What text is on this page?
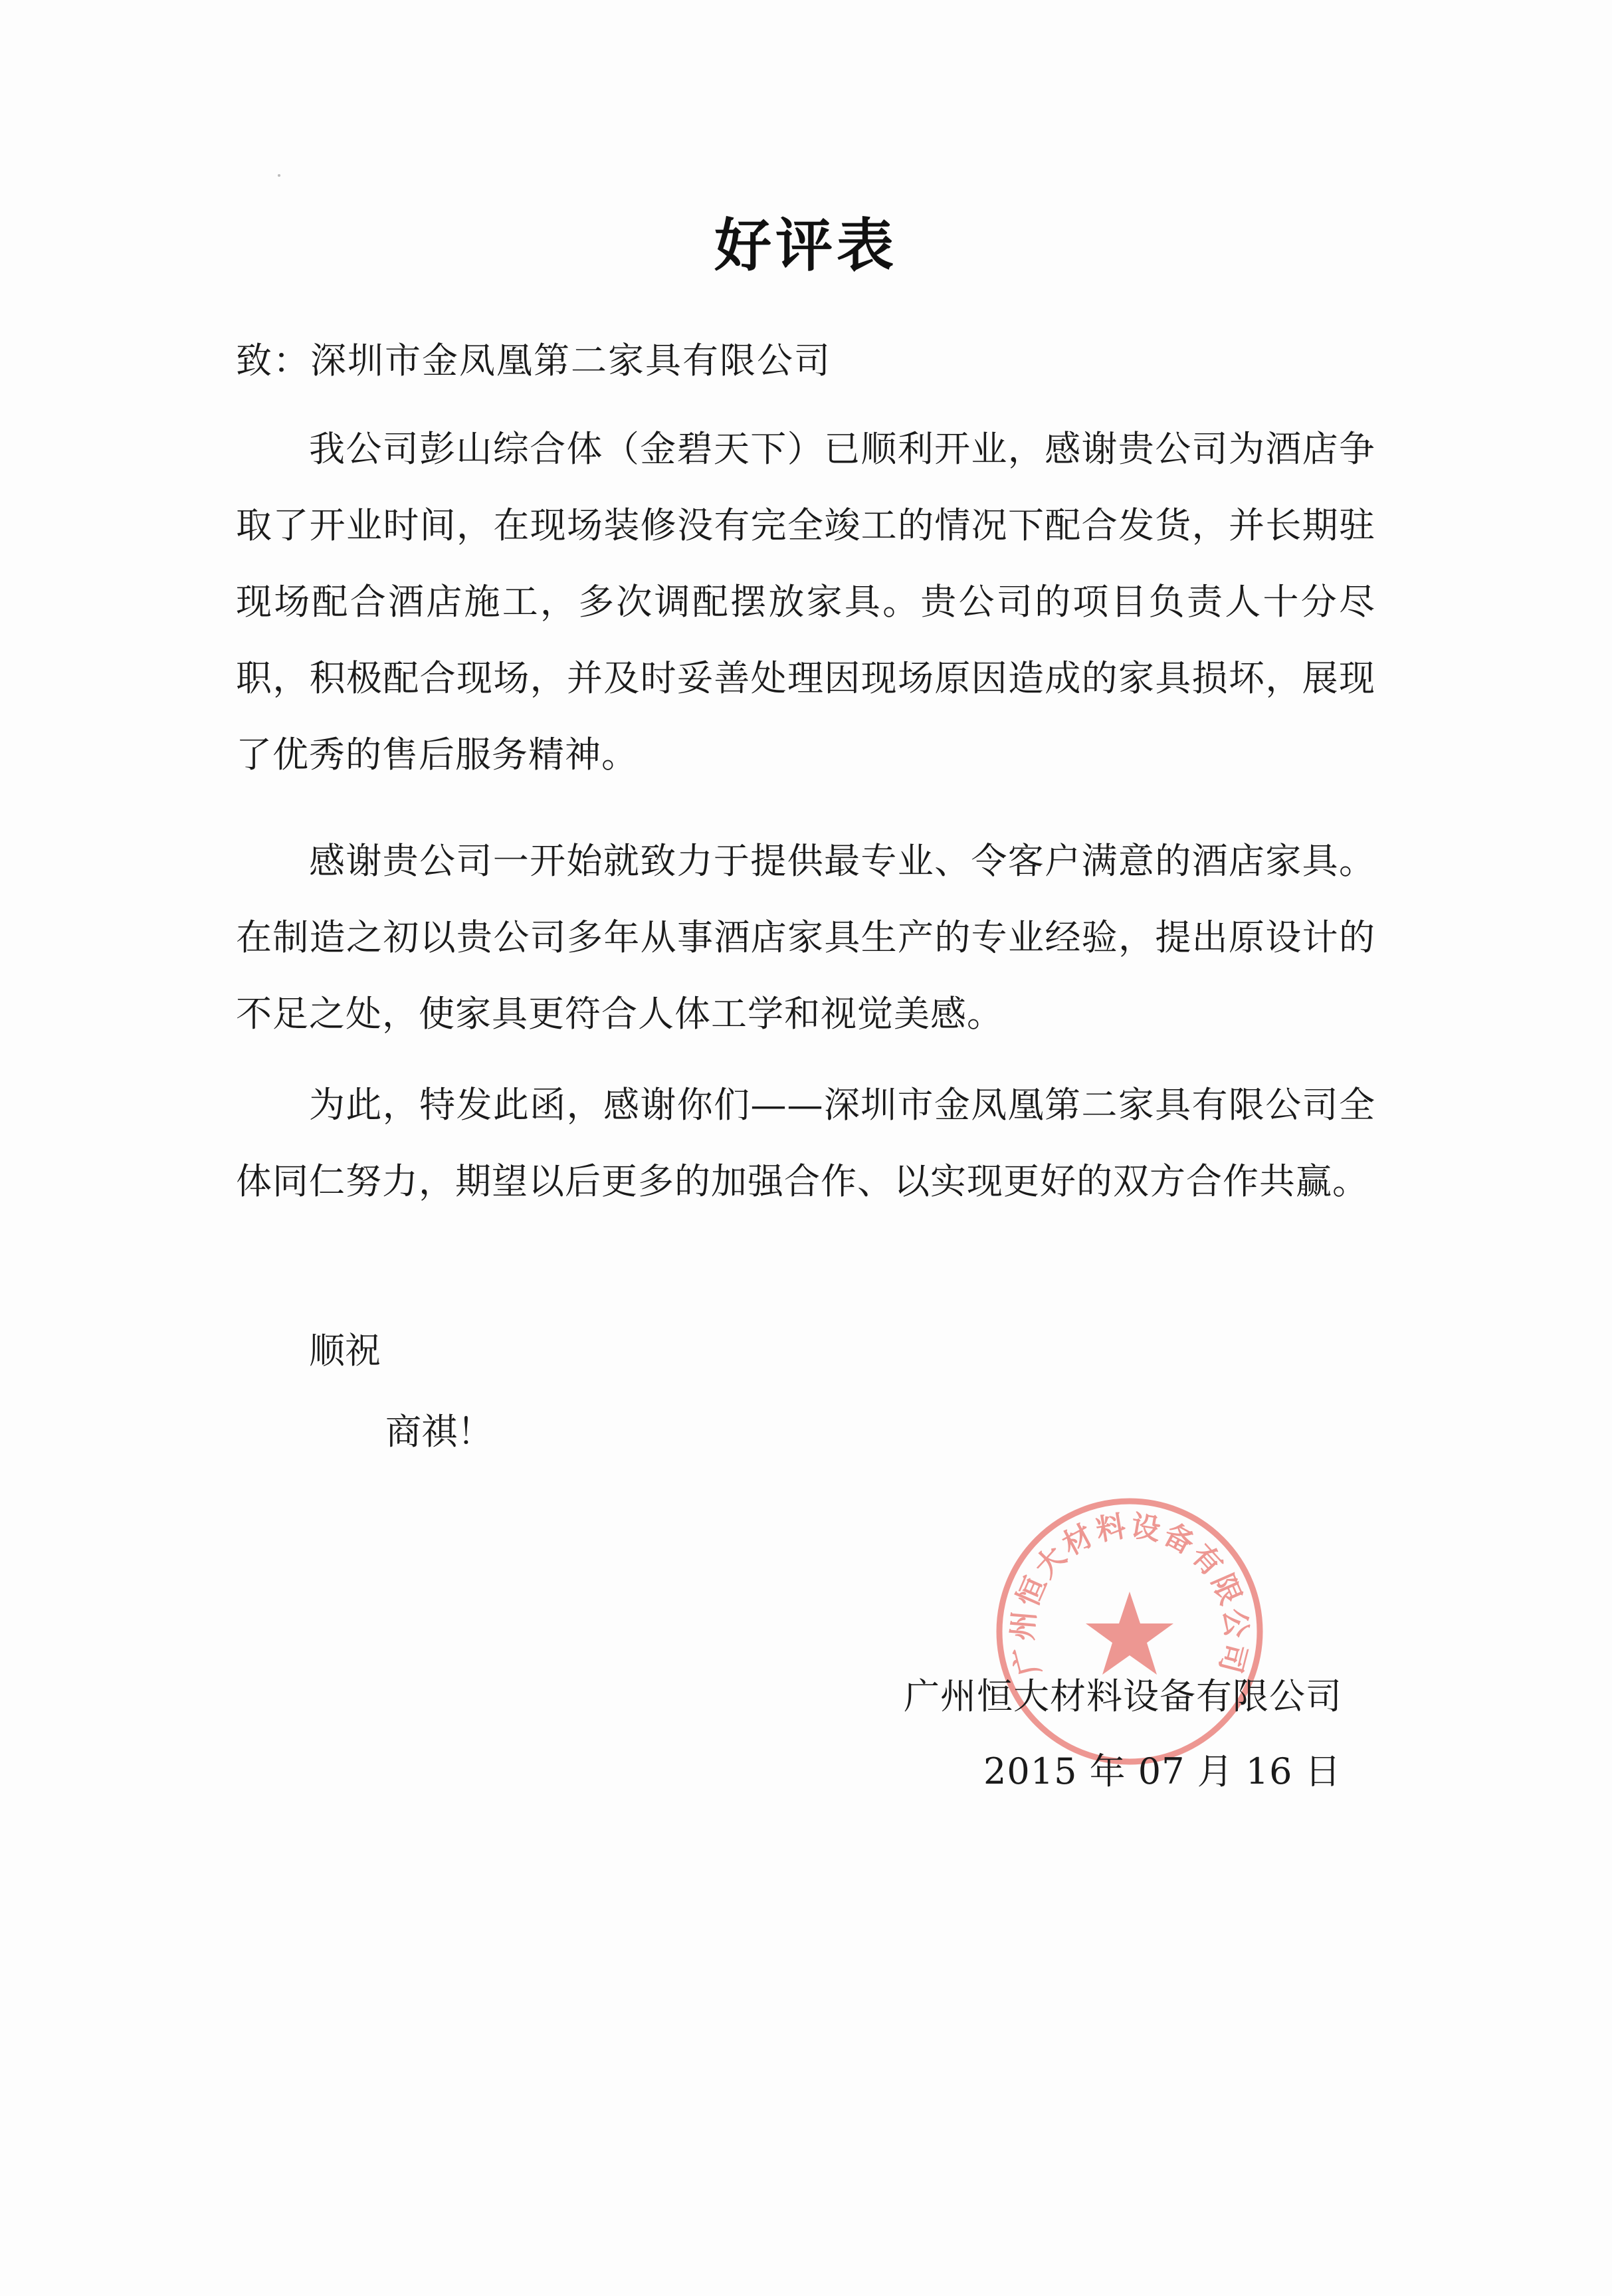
好评表
致：深圳市金凤凰第二家具有限公司
我公司彭山综合体（金碧天下）已顺利开业，感谢贵公司为酒店争取了开业时间，在现场装修没有完全竣工的情况下配合发货，并长期驻现场配合酒店施工，多次调配摆放家具。贵公司的项目负责人十分尽职，积极配合现场，并及时妥善处理因现场原因造成的家具损坏，展现了优秀的售后服务精神。
感谢贵公司一开始就致力于提供最专业、令客户满意的酒店家具。在制造之初以贵公司多年从事酒店家具生产的专业经验，提出原设计的不足之处，使家具更符合人体工学和视觉美感。
为此，特发此函，感谢你们——深圳市金凤凰第二家具有限公司全体同仁努力，期望以后更多的加强合作、以实现更好的双方合作共赢。
顺祝
商祺！
广州恒大材料设备有限公司
广州恒大材料设备有限公司
2015 年 07 月 16 日
